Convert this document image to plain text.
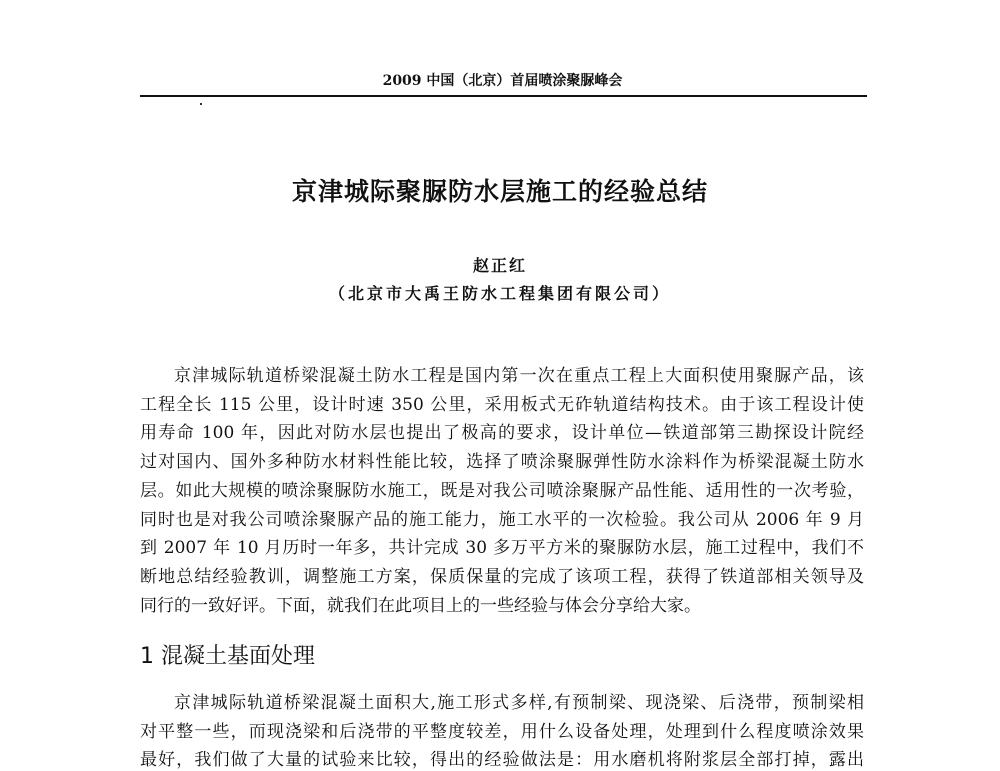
2009 中国（北京）首届喷涂聚脲峰会
京津城际聚脲防水层施工的经验总结
赵正红
（北京市大禹王防水工程集团有限公司）
京津城际轨道桥梁混凝土防水工程是国内第一次在重点工程上大面积使用聚脲产品，该
工程全长 115 公里，设计时速 350 公里，采用板式无砟轨道结构技术。由于该工程设计使
用寿命 100 年，因此对防水层也提出了极高的要求，设计单位—铁道部第三勘探设计院经
过对国内、国外多种防水材料性能比较，选择了喷涂聚脲弹性防水涂料作为桥梁混凝土防水
层。如此大规模的喷涂聚脲防水施工，既是对我公司喷涂聚脲产品性能、适用性的一次考验，
同时也是对我公司喷涂聚脲产品的施工能力，施工水平的一次检验。我公司从 2006 年 9 月
到 2007 年 10 月历时一年多，共计完成 30 多万平方米的聚脲防水层，施工过程中，我们不
断地总结经验教训，调整施工方案，保质保量的完成了该项工程，获得了铁道部相关领导及
同行的一致好评。下面，就我们在此项目上的一些经验与体会分享给大家。
1 混凝土基面处理
京津城际轨道桥梁混凝土面积大,施工形式多样,有预制梁、现浇梁、后浇带，预制梁相
对平整一些，而现浇梁和后浇带的平整度较差，用什么设备处理，处理到什么程度喷涂效果
最好，我们做了大量的试验来比较，得出的经验做法是：用水磨机将附浆层全部打掉，露出
